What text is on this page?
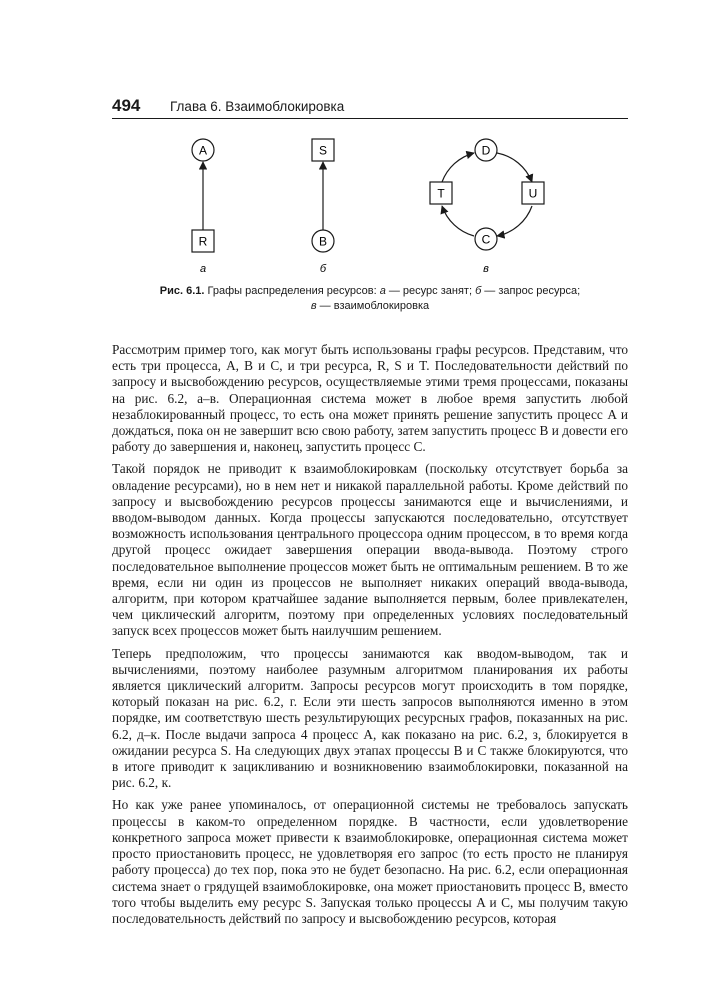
494 Глава 6. Взаимоблокировка
A
R
S
B
D
U
C
T
а	б	в
Рис. 6.1. Графы распределения ресурсов: а — ресурс занят; б — запрос ресурса;
в — взаимоблокировка

Рассмотрим пример того, как могут быть использованы графы ресурсов. Представим, что есть три процесса, A, B и C, и три ресурса, R, S и T. Последовательности действий по запросу и высвобождению ресурсов, осуществляемые этими тремя процессами, показаны на рис. 6.2, а–в. Операционная система может в любое время запустить любой незаблокированный процесс, то есть она может принять решение запустить процесс A и дождаться, пока он не завершит всю свою работу, затем запустить процесс B и довести его работу до завершения и, наконец, запустить процесс C.

Такой порядок не приводит к взаимоблокировкам (поскольку отсутствует борьба за овладение ресурсами), но в нем нет и никакой параллельной работы. Кроме действий по запросу и высвобождению ресурсов процессы занимаются еще и вычислениями, и вводом-выводом данных. Когда процессы запускаются последовательно, отсутствует возможность использования центрального процессора одним процессом, в то время когда другой процесс ожидает завершения операции ввода-вывода. Поэтому строго последовательное выполнение процессов может быть не оптимальным решением. В то же время, если ни один из процессов не выполняет никаких операций ввода-вывода, алгоритм, при котором кратчайшее задание выполняется первым, более привлекателен, чем циклический алгоритм, поэтому при определенных условиях последовательный запуск всех процессов может быть наилучшим решением.

Теперь предположим, что процессы занимаются как вводом-выводом, так и вычислениями, поэтому наиболее разумным алгоритмом планирования их работы является циклический алгоритм. Запросы ресурсов могут происходить в том порядке, который показан на рис. 6.2, г. Если эти шесть запросов выполняются именно в этом порядке, им соответствую шесть результирующих ресурсных графов, показанных на рис. 6.2, д–к. После выдачи запроса 4 процесс A, как показано на рис. 6.2, з, блокируется в ожидании ресурса S. На следующих двух этапах процессы B и C также блокируются, что в итоге приводит к зацикливанию и возникновению взаимоблокировки, показанной на рис. 6.2, к.

Но как уже ранее упоминалось, от операционной системы не требовалось запускать процессы в каком-то определенном порядке. В частности, если удовлетворение конкретного запроса может привести к взаимоблокировке, операционная система может просто приостановить процесс, не удовлетворяя его запрос (то есть просто не планируя работу процесса) до тех пор, пока это не будет безопасно. На рис. 6.2, если операционная система знает о грядущей взаимоблокировке, она может приостановить процесс B, вместо того чтобы выделить ему ресурс S. Запуская только процессы A и C, мы получим такую последовательность действий по запросу и высвобождению ресурсов, которая
